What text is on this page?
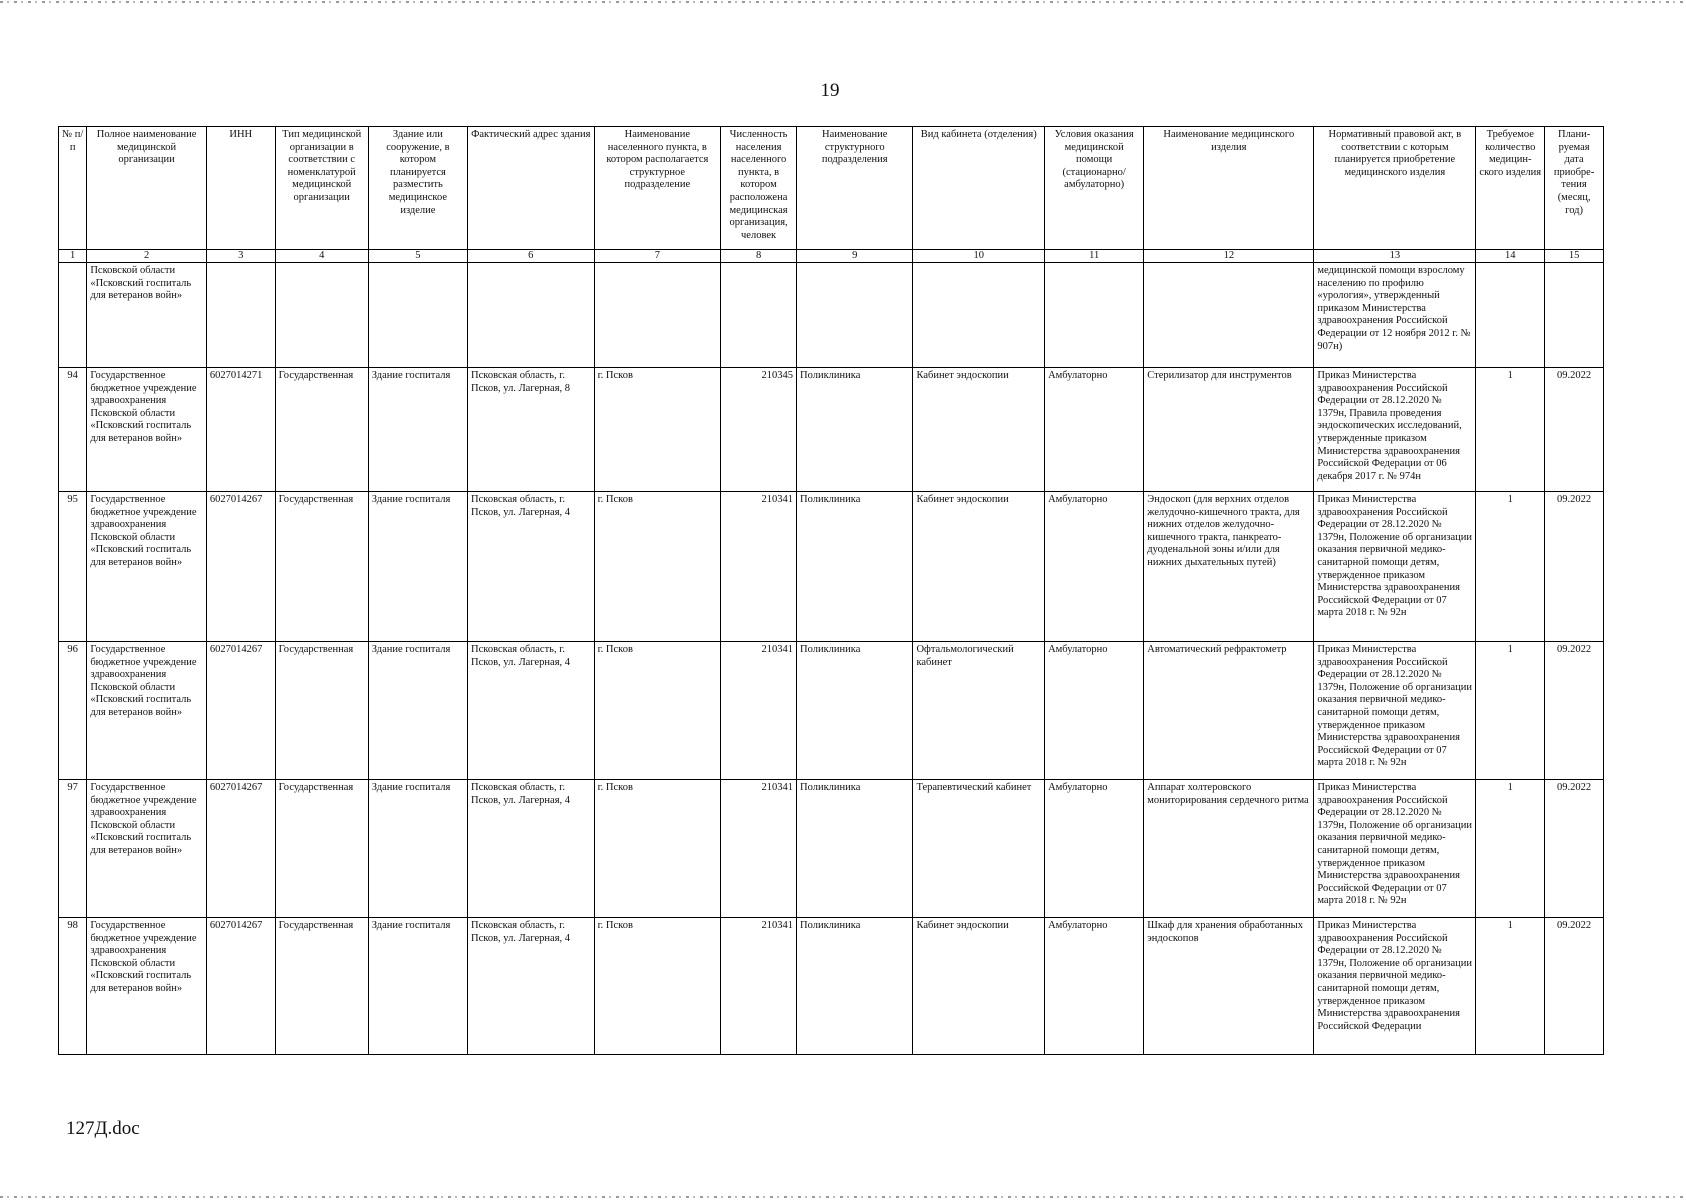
19
№ п/п	Полное наименование медицинской организации	ИНН	Тип медицинской организации в соответствии с номенклатурой медицинской организации	Здание или сооружение, в котором планируется разместить медицинское изделие	Фактический адрес здания	Наименование населенного пункта, в котором располагается структурное подразделение	Численность населения населенного пункта, в котором расположена медицинская организация, человек	Наименование структурного подразделения	Вид кабинета (отделения)	Условия оказания медицинской помощи (стационарно/ амбулаторно)	Наименование медицинского изделия	Нормативный правовой акт, в соответствии с которым планируется приобретение медицинского изделия	Требуемое количество медицин-ского изделия	Плани-руемая дата приобре-тения (месяц, год)
1	2	3	4	5	6	7	8	9	10	11	12	13	14	15
	Псковской области «Псковский госпиталь для ветеранов войн»											медицинской помощи взрослому населению по профилю «урология», утвержденный приказом Министерства здравоохранения Российской Федерации от 12 ноября 2012 г. № 907н)		
94	Государственное бюджетное учреждение здравоохранения Псковской области «Псковский госпиталь для ветеранов войн»	6027014271	Государственная	Здание госпиталя	Псковская область, г. Псков, ул. Лагерная, 8	г. Псков	210345	Поликлиника	Кабинет эндоскопии	Амбулаторно	Стерилизатор для инструментов	Приказ Министерства здравоохранения Российской Федерации от 28.12.2020 № 1379н, Правила проведения эндоскопических исследований, утвержденные приказом Министерства здравоохранения Российской Федерации от 06 декабря 2017 г. № 974н	1	09.2022
95	Государственное бюджетное учреждение здравоохранения Псковской области «Псковский госпиталь для ветеранов войн»	6027014267	Государственная	Здание госпиталя	Псковская область, г. Псков, ул. Лагерная, 4	г. Псков	210341	Поликлиника	Кабинет эндоскопии	Амбулаторно	Эндоскоп (для верхних отделов желудочно-кишечного тракта, для нижних отделов желудочно-кишечного тракта, панкреато-дуоденальной зоны и/или для нижних дыхательных путей)	Приказ Министерства здравоохранения Российской Федерации от 28.12.2020 № 1379н, Положение об организации оказания первичной медико-санитарной помощи детям, утвержденное приказом Министерства здравоохранения Российской Федерации от 07 марта 2018 г. № 92н	1	09.2022
96	Государственное бюджетное учреждение здравоохранения Псковской области «Псковский госпиталь для ветеранов войн»	6027014267	Государственная	Здание госпиталя	Псковская область, г. Псков, ул. Лагерная, 4	г. Псков	210341	Поликлиника	Офтальмологический кабинет	Амбулаторно	Автоматический рефрактометр	Приказ Министерства здравоохранения Российской Федерации от 28.12.2020 № 1379н, Положение об организации оказания первичной медико-санитарной помощи детям, утвержденное приказом Министерства здравоохранения Российской Федерации от 07 марта 2018 г. № 92н	1	09.2022
97	Государственное бюджетное учреждение здравоохранения Псковской области «Псковский госпиталь для ветеранов войн»	6027014267	Государственная	Здание госпиталя	Псковская область, г. Псков, ул. Лагерная, 4	г. Псков	210341	Поликлиника	Терапевтический кабинет	Амбулаторно	Аппарат холтеровского мониторирования сердечного ритма	Приказ Министерства здравоохранения Российской Федерации от 28.12.2020 № 1379н, Положение об организации оказания первичной медико-санитарной помощи детям, утвержденное приказом Министерства здравоохранения Российской Федерации от 07 марта 2018 г. № 92н	1	09.2022
98	Государственное бюджетное учреждение здравоохранения Псковской области «Псковский госпиталь для ветеранов войн»	6027014267	Государственная	Здание госпиталя	Псковская область, г. Псков, ул. Лагерная, 4	г. Псков	210341	Поликлиника	Кабинет эндоскопии	Амбулаторно	Шкаф для хранения обработанных эндоскопов	Приказ Министерства здравоохранения Российской Федерации от 28.12.2020 № 1379н, Положение об организации оказания первичной медико-санитарной помощи детям, утвержденное приказом Министерства здравоохранения Российской Федерации	1	09.2022
127Д.doc
